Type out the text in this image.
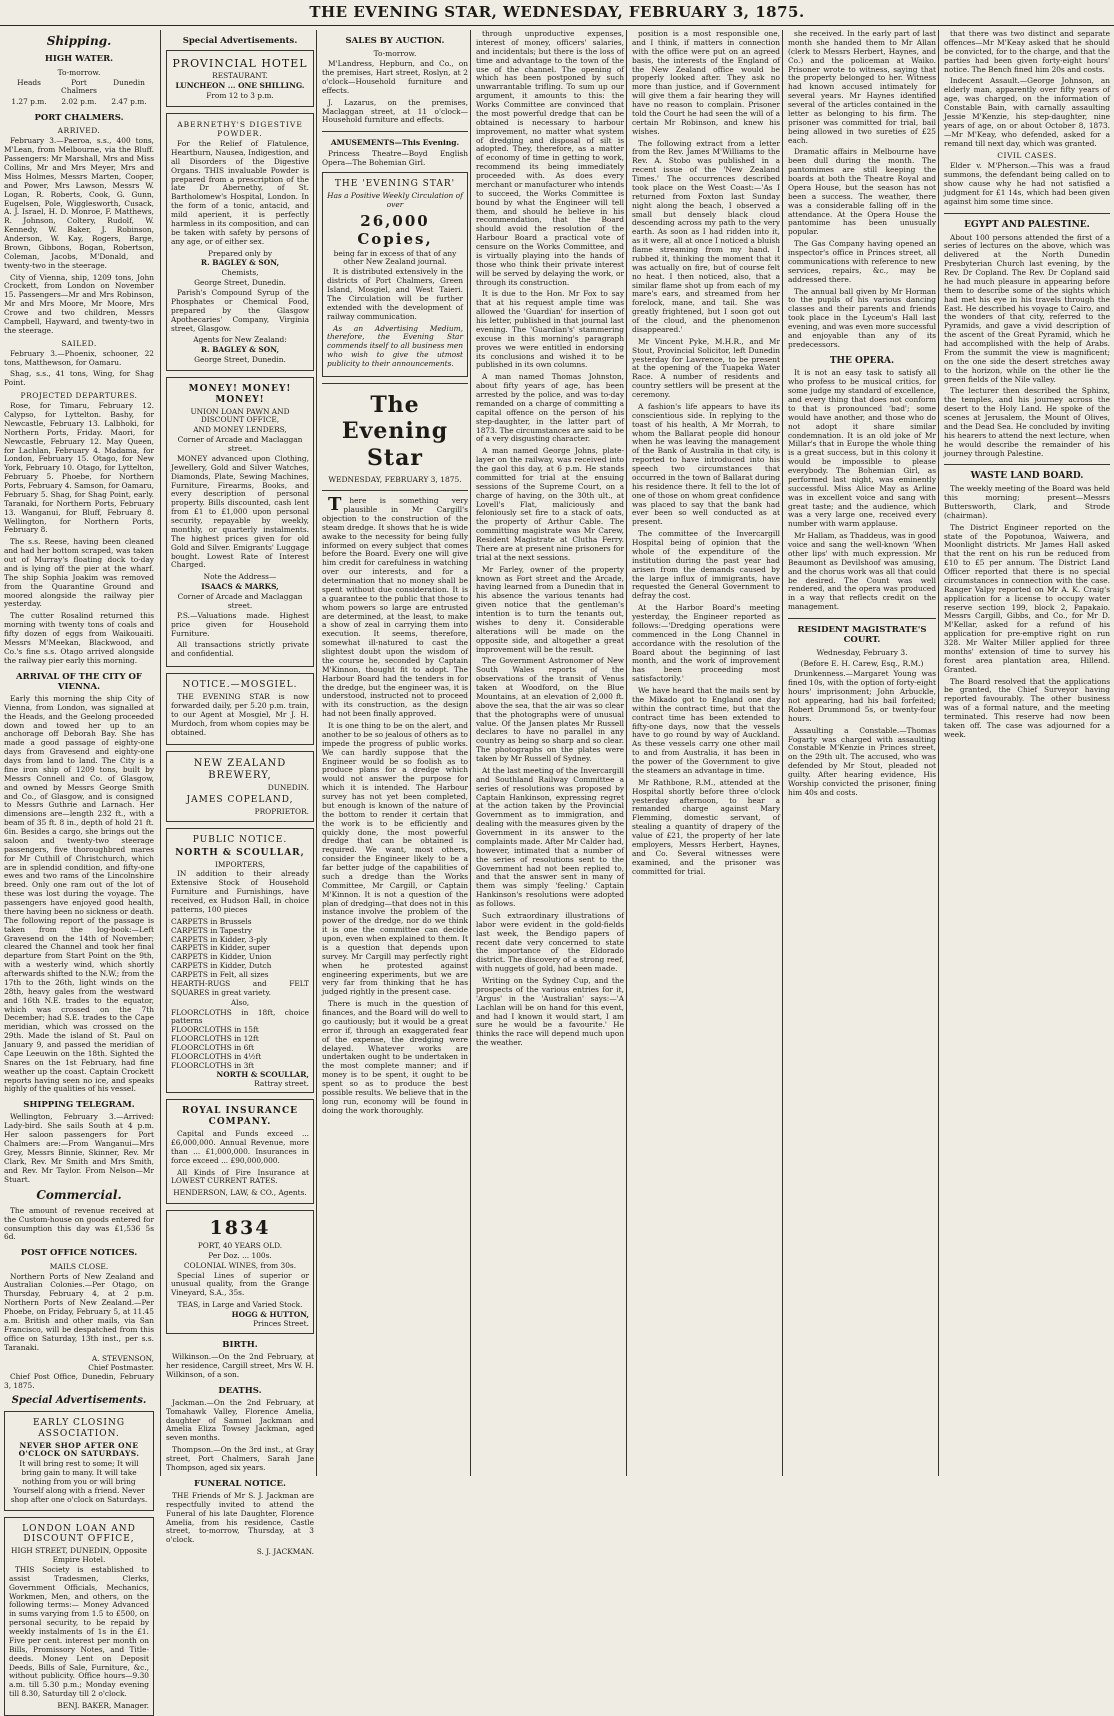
THE EVENING STAR, WEDNESDAY, FEBRUARY 3, 1875.
Shipping.
HIGH WATER.
To-morrow.
Heads	Port Chalmers
Dunedin
1.27 p.m.	2.02 p.m.	2.47 p.m.
PORT CHALMERS.
ARRIVED.

February 3.—Paeroa, s.s., 400 tons, M'Lean, from Melbourne, via the Bluff. Passengers: Mr Marshall, Mrs and Miss Collins, Mr and Mrs Meyer, Mrs and Miss Holmes, Messrs Marten, Cooper, and Power, Mrs Lawson, Messrs W. Logan, R. Roberts, Cook, G. Gunn, Eugelsen, Pole, Wigglesworth, Cusack, A. J. Israel, H. D. Monroe, F. Matthews, R. Johnson, Coltery, Rudolf, W. Kennedy, W. Baker, J. Robinson, Anderson, W. Kay, Rogers, Barge, Brown, Gibbons, Bogan, Robertson, Coleman, Jacobs, M'Donald, and twenty-two in the steerage.

City of Vienna, ship, 1209 tons, John Crockett, from London on November 15. Passengers—Mr and Mrs Robinson, Mr and Mrs Moore, Mr Moore, Mrs Crowe and two children, Messrs Campbell, Hayward, and twenty-two in the steerage.

SAILED.

February 3.—Phoenix, schooner, 22 tons, Matthewson, for Oamaru.

Shag, s.s., 41 tons, Wing, for Shag Point.

PROJECTED DEPARTURES.

Rose, for Timaru, February 12. Calypso, for Lyttelton. Bashy, for Newcastle, February 13. Lalbhoki, for Northern Ports, Friday. Maori, for Newcastle, February 12. May Queen, for Lachlan, February 4. Madama, for London, February 15. Otago, for New York, February 10. Otago, for Lyttelton, February 5. Phoebe, for Northern Ports, February 4. Samson, for Oamaru, February 5. Shag, for Shag Point, early. Taranaki, for Northern Ports, February 13. Wanganui, for Bluff, February 8. Wellington, for Northern Ports, February 8.

The s.s. Reese, having been cleaned and had her bottom scraped, was taken out of Murray's floating dock to-day and is lying off the pier at the wharf. The ship Sophia Joakim was removed from the Quarantine Ground and moored alongside the railway pier yesterday.

The cutter Rosalind returned this morning with twenty tons of coals and fifty dozen of eggs from Waikouaiti. Messrs M'Meekan, Blackwood, and Co.'s fine s.s. Otago arrived alongside the railway pier early this morning.

ARRIVAL OF THE CITY OF VIENNA.

Early this morning the ship City of Vienna, from London, was signalled at the Heads, and the Geelong proceeded down and towed her up to an anchorage off Deborah Bay. She has made a good passage of eighty-one days from Gravesend and eighty-one days from land to land. The City is a fine iron ship of 1209 tons, built by Messrs Connell and Co. of Glasgow, and owned by Messrs George Smith and Co., of Glasgow, and is consigned to Messrs Guthrie and Larnach. Her dimensions are—length 232 ft., with a beam of 35 ft. 8 in., depth of hold 21 ft. 6in. Besides a cargo, she brings out the saloon and twenty-two steerage passengers, five thoroughbred mares for Mr Cuthill of Christchurch, which are in splendid condition, and fifty-one ewes and two rams of the Lincolnshire breed. Only one ram out of the lot of these was lost during the voyage. The passengers have enjoyed good health, there having been no sickness or death. The following report of the passage is taken from the log-book:—Left Gravesend on the 14th of November; cleared the Channel and took her final departure from Start Point on the 9th, with a westerly wind, which shortly afterwards shifted to the N.W.; from the 17th to the 26th, light winds on the 28th, heavy gales from the westward and 16th N.E. trades to the equator, which was crossed on the 7th December; had S.E. trades to the Cape meridian, which was crossed on the 29th. Made the island of St. Paul on January 9, and passed the meridian of Cape Leeuwin on the 18th. Sighted the Snares on the 1st February, had fine weather up the coast. Captain Crockett reports having seen no ice, and speaks highly of the qualities of his vessel.

SHIPPING TELEGRAM.

Wellington, February 3.—Arrived: Lady-bird. She sails South at 4 p.m. Her saloon passengers for Port Chalmers are:—From Wanganui—Mrs Grey, Messrs Binnie, Skinner, Rev. Mr Clark, Rev. Mr Smith and Mrs Smith, and Rev. Mr Taylor. From Nelson—Mr Stuart.

Commercial.

The amount of revenue received at the Custom-house on goods entered for consumption this day was £1,536 5s 6d.

POST OFFICE NOTICES.
MAILS CLOSE.

Northern Ports of New Zealand and Australian Colonies.—Per Otago, on Thursday, February 4, at 2 p.m. Northern Ports of New Zealand.—Per Phoebe, on Friday, February 5, at 11.45 a.m. British and other mails, via San Francisco, will be despatched from this office on Saturday, 13th inst., per s.s. Taranaki.

A. STEVENSON,
Chief Postmaster.

Chief Post Office, Dunedin, February 3, 1875.

Special Advertisements.
EARLY CLOSING ASSOCIATION.
NEVER SHOP AFTER ONE O'CLOCK ON SATURDAYS.
It will bring rest to some; It will bring gain to many. It will take nothing from you or will bring Yourself along with a friend. Never shop after one o'clock on Saturdays.
LONDON LOAN AND DISCOUNT OFFICE,
HIGH STREET, DUNEDIN, Opposite Empire Hotel.

THIS Society is established to assist Tradesmen, Clerks, Government Officials, Mechanics, Workmen, Men, and others, on the following terms:— Money Advanced in sums varying from 1.5 to £500, on personal security, to be repaid by weekly instalments of 1s in the £1. Five per cent. interest per month on Bills, Promissory Notes, and Title-deeds. Money Lent on Deposit Deeds, Bills of Sale, Furniture, &c., without publicity. Office hours—9.30 a.m. till 5.30 p.m.; Monday evening till 8.30, Saturday till 2 o'clock.

BENJ. BAKER, Manager.
Special Advertisements.
PROVINCIAL HOTEL
RESTAURANT.
LUNCHEON ... ONE SHILLING.
From 12 to 3 p.m.
ABERNETHY'S DIGESTIVE POWDER.

For the Relief of Flatulence, Heartburn, Nausea, Indigestion, and all Disorders of the Digestive Organs. THIS invaluable Powder is prepared from a prescription of the late Dr Abernethy, of St. Bartholomew's Hospital, London. In the form of a tonic, antacid, and mild aperient, it is perfectly harmless in its composition, and can be taken with safety by persons of any age, or of either sex.

Prepared only by
R. BAGLEY & SON,
Chemists,
George Street, Dunedin.

Parish's Compound Syrup of the Phosphates or Chemical Food, prepared by the Glasgow Apothecaries' Company, Virginia street, Glasgow.

Agents for New Zealand:
R. BAGLEY & SON,
George Street, Dunedin.
MONEY! MONEY! MONEY!
UNION LOAN PAWN AND DISCOUNT OFFICE,
AND MONEY LENDERS,
Corner of Arcade and Maclaggan street.

MONEY advanced upon Clothing, Jewellery, Gold and Silver Watches, Diamonds, Plate, Sewing Machines, Furniture, Firearms, Books, and every description of personal property. Bills discounted, cash lent from £1 to £1,000 upon personal security, repayable by weekly, monthly, or quarterly instalments. The highest prices given for old Gold and Silver. Emigrants' Luggage bought. Lowest Rate of Interest Charged.

Note the Address—
ISAACS & MARKS,
Corner of Arcade and Maclaggan street.

P.S.—Valuations made. Highest price given for Household Furniture.

All transactions strictly private and confidential.

NOTICE.—MOSGIEL.

THE EVENING STAR is now forwarded daily, per 5.20 p.m. train, to our Agent at Mosgiel, Mr J. H. Murdoch, from whom copies may be obtained.

NEW ZEALAND BREWERY,
DUNEDIN.
JAMES COPELAND,
PROPRIETOR.
PUBLIC NOTICE.
NORTH & SCOULLAR,
IMPORTERS,

IN addition to their already Extensive Stock of Household Furniture and Furnishings, have received, ex Hudson Hall, in choice patterns, 100 pieces

CARPETS in Brussels
CARPETS in Tapestry
CARPETS in Kidder, 3-ply
CARPETS in Kidder, super
CARPETS in Kidder, Union
CARPETS in Kidder, Dutch
CARPETS in Felt, all sizes
HEARTH-RUGS and FELT SQUARES in great variety.
Also,
FLOORCLOTHS in 18ft, choice patterns
FLOORCLOTHS in 15ft
FLOORCLOTHS in 12ft
FLOORCLOTHS in 6ft
FLOORCLOTHS in 4½ft
FLOORCLOTHS in 3ft
NORTH & SCOULLAR,
Rattray street.
ROYAL INSURANCE COMPANY.

Capital and Funds exceed ... £6,000,000. Annual Revenue, more than ... £1,000,000. Insurances in force exceed ... £90,000,000.

All Kinds of Fire Insurance at LOWEST CURRENT RATES.

HENDERSON, LAW, & CO., Agents.
1834
PORT, 40 YEARS OLD.
Per Doz. ... 100s.
COLONIAL WINES, from 30s.

Special Lines of superior or unusual quality, from the Grange Vineyard, S.A., 35s.

TEAS, in Large and Varied Stock.
HOGG & HUTTON,
Princes Street.
BIRTH.

Wilkinson.—On the 2nd February, at her residence, Cargill street, Mrs W. H. Wilkinson, of a son.

DEATHS.

Jackman.—On the 2nd February, at Tomahawk Valley, Florence Amelia, daughter of Samuel Jackman and Amelia Eliza Towsey Jackman, aged seven months.

Thompson.—On the 3rd inst., at Gray street, Port Chalmers, Sarah Jane Thompson, aged six years.

FUNERAL NOTICE.

THE Friends of Mr S. J. Jackman are respectfully invited to attend the Funeral of his late Daughter, Florence Amelia, from his residence, Castle street, to-morrow, Thursday, at 3 o'clock.

S. J. JACKMAN.
SALES BY AUCTION.
To-morrow.

M'Landress, Hepburn, and Co., on the premises, Hart street, Roslyn, at 2 o'clock—Household furniture and effects.

J. Lazarus, on the premises, Maclaggan street, at 11 o'clock—Household furniture and effects.

AMUSEMENTS—This Evening.

Princess Theatre—Boyd English Opera—The Bohemian Girl.

THE 'EVENING STAR'
Has a Positive Weekly Circulation of over
26,000 Copies,
being far in excess of that of any other New Zealand journal.

It is distributed extensively in the districts of Port Chalmers, Green Island, Mosgiel, and West Taieri. The Circulation will be further extended with the development of railway communication.

As an Advertising Medium, therefore, the Evening Star commends itself to all business men who wish to give the utmost publicity to their announcements.

The Evening Star
WEDNESDAY, FEBRUARY 3, 1875.

There is something very plausible in Mr Cargill's objection to the construction of the steam dredge. It shows that he is wide awake to the necessity for being fully informed on every subject that comes before the Board. Every one will give him credit for carefulness in watching over our interests, and for a determination that no money shall be spent without due consideration. It is a guarantee to the public that those to whom powers so large are entrusted are determined, at the least, to make a show of zeal in carrying them into execution. It seems, therefore, somewhat ill-natured to cast the slightest doubt upon the wisdom of the course he, seconded by Captain M'Kinnon, thought fit to adopt. The Harbour Board had the tenders in for the dredge, but the engineer was, it is understood, instructed not to proceed with its construction, as the design had not been finally approved.

It is one thing to be on the alert, and another to be so jealous of others as to impede the progress of public works. We can hardly suppose that the Engineer would be so foolish as to produce plans for a dredge which would not answer the purpose for which it is intended. The Harbour survey has not yet been completed, but enough is known of the nature of the bottom to render it certain that the work is to be efficiently and quickly done, the most powerful dredge that can be obtained is required. We want, most others, consider the Engineer likely to be a far better judge of the capabilities of such a dredge than the Works Committee, Mr Cargill, or Captain M'Kinnon. It is not a question of the plan of dredging—that does not in this instance involve the problem of the power of the dredge, nor do we think it is one the committee can decide upon, even when explained to them. It is a question that depends upon survey. Mr Cargill may perfectly right when he protested against engineering experiments, but we are very far from thinking that he has judged rightly in the present case.

There is much in the question of finances, and the Board will do well to go cautiously; but it would be a great error if, through an exaggerated fear of the expense, the dredging were delayed. Whatever works are undertaken ought to be undertaken in the most complete manner; and if money is to be spent, it ought to be spent so as to produce the best possible results. We believe that in the long run, economy will be found in doing the work thoroughly.

through unproductive expenses, interest of money, officers' salaries, and incidentals; but there is the loss of time and advantage to the town of the use of the channel. The opening of which has been postponed by such unwarrantable trifling. To sum up our argument, it amounts to this: the Works Committee are convinced that the most powerful dredge that can be obtained is necessary to harbour improvement, no matter what system of dredging and disposal of silt is adopted. They, therefore, as a matter of economy of time in getting to work, recommend its being immediately proceeded with. As does every merchant or manufacturer who intends to succeed, the Works Committee is bound by what the Engineer will tell them, and should he believe in his recommendation, that the Board should avoid the resolution of the Harbour Board a practical vote of censure on the Works Committee, and is virtually playing into the hands of those who think their private interest will be served by delaying the work, or through its construction.

It is due to the Hon. Mr Fox to say that at his request ample time was allowed the 'Guardian' for insertion of his letter, published in that journal last evening. The 'Guardian's' stammering excuse in this morning's paragraph proves we were entitled in endorsing its conclusions and wished it to be published in its own columns.

A man named Thomas Johnston, about fifty years of age, has been arrested by the police, and was to-day remanded on a charge of committing a capital offence on the person of his step-daughter, in the latter part of 1873. The circumstances are said to be of a very disgusting character.

A man named George Johns, plate-layer on the railway, was received into the gaol this day, at 6 p.m. He stands committed for trial at the ensuing sessions of the Supreme Court, on a charge of having, on the 30th ult., at Lovell's Flat, maliciously and feloniously set fire to a stack of oats, the property of Arthur Cable. The committing magistrate was Mr Carew, Resident Magistrate at Clutha Ferry. There are at present nine prisoners for trial at the next sessions.

Mr Farley, owner of the property known as Fort street and the Arcade, having learned from a Dunedin that in his absence the various tenants had given notice that the gentleman's intention is to turn the tenants out, wishes to deny it. Considerable alterations will be made on the opposite side, and altogether a great improvement will be the result.

The Government Astronomer of New South Wales reports of the observations of the transit of Venus taken at Woodford, on the Blue Mountains, at an elevation of 2,000 ft. above the sea, that the air was so clear that the photographs were of unusual value. Of the Jansen plates Mr Russell declares to have no parallel in any country as being so sharp and so clear. The photographs on the plates were taken by Mr Russell of Sydney.

At the last meeting of the Invercargill and Southland Railway Committee a series of resolutions was proposed by Captain Hankinson, expressing regret at the action taken by the Provincial Government as to immigration, and dealing with the measures given by the Government in its answer to the complaints made. After Mr Calder had, however, intimated that a number of the series of resolutions sent to the Government had not been replied to, and that the answer sent in many of them was simply 'feeling.' Captain Hankinson's resolutions were adopted as follows.

Such extraordinary illustrations of labor were evident in the gold-fields last week, the Bendigo papers of recent date very concerned to state the importance of the Eldorado district. The discovery of a strong reef, with nuggets of gold, had been made.

Writing on the Sydney Cup, and the prospects of the various entries for it, 'Argus' in the 'Australian' says:—'A Lachlan will be on hand for this event, and had I known it would start, I am sure he would be a favourite.' He thinks the race will depend much upon the weather.

position is a most responsible one, and I think, if matters in connection with the office were put on an agreed basis, the interests of the England of the New Zealand office would be properly looked after. They ask no more than justice, and if Government will give them a fair hearing they will have no reason to complain. Prisoner told the Court he had seen the will of a certain Mr Robinson, and knew his wishes.

The following extract from a letter from the Rev. James M'Williams to the Rev. A. Stobo was published in a recent issue of the 'New Zealand Times.' The occurrences described took place on the West Coast:—'As I returned from Foxton last Sunday night along the beach, I observed a small but densely black cloud descending across my path to the very earth. As soon as I had ridden into it, as it were, all at once I noticed a bluish flame streaming from my hand. I rubbed it, thinking the moment that it was actually on fire, but of course felt no heat. I then noticed, also, that a similar flame shot up from each of my mare's ears, and streamed from her forelock, mane, and tail. She was greatly frightened, but I soon got out of the cloud, and the phenomenon disappeared.'

Mr Vincent Pyke, M.H.R., and Mr Stout, Provincial Solicitor, left Dunedin yesterday for Lawrence, to be present at the opening of the Tuapeka Water Race. A number of residents and country settlers will be present at the ceremony.

A fashion's life appears to have its conscientious side. In replying to the toast of his health, A Mr Morrah, to whom the Ballarat people did honour when he was leaving the management of the Bank of Australia in that city, is reported to have introduced into his speech two circumstances that occurred in the town of Ballarat during his residence there. It fell to the lot of one of those on whom great confidence was placed to say that the bank had ever been so well conducted as at present.

The committee of the Invercargill Hospital being of opinion that the whole of the expenditure of the institution during the past year had arisen from the demands caused by the large influx of immigrants, have requested the General Government to defray the cost.

At the Harbor Board's meeting yesterday, the Engineer reported as follows:—'Dredging operations were commenced in the Long Channel in accordance with the resolution of the Board about the beginning of last month, and the work of improvement has been proceeding most satisfactorily.'

We have heard that the mails sent by the Mikado got to England one day within the contract time, but that the contract time has been extended to fifty-one days, now that the vessels have to go round by way of Auckland. As these vessels carry one other mail to and from Australia, it has been in the power of the Government to give the steamers an advantage in time.

Mr Rathbone, R.M., attended at the Hospital shortly before three o'clock yesterday afternoon, to hear a remanded charge against Mary Flemming, domestic servant, of stealing a quantity of drapery of the value of £21, the property of her late employers, Messrs Herbert, Haynes, and Co. Several witnesses were examined, and the prisoner was committed for trial.

she received. In the early part of last month she handed them to Mr Allan (clerk to Messrs Herbert, Haynes, and Co.) and the policeman at Waiko. Prisoner wrote to witness, saying that the property belonged to her. Witness had known accused intimately for several years. Mr Haynes identified several of the articles contained in the letter as belonging to his firm. The prisoner was committed for trial, bail being allowed in two sureties of £25 each.

Dramatic affairs in Melbourne have been dull during the month. The pantomimes are still keeping the boards at both the Theatre Royal and Opera House, but the season has not been a success. The weather, there was a considerable falling off in the attendance. At the Opera House the pantomime has been unusually popular.

The Gas Company having opened an inspector's office in Princes street, all communications with reference to new services, repairs, &c., may be addressed there.

The annual ball given by Mr Horman to the pupils of his various dancing classes and their parents and friends took place in the Lyceum's Hall last evening, and was even more successful and enjoyable than any of its predecessors.

THE OPERA.

It is not an easy task to satisfy all who profess to be musical critics, for some judge my standard of excellence, and every thing that does not conform to that is pronounced 'bad'; some would have another, and those who do not adopt it share similar condemnation. It is an old joke of Mr Millar's that in Europe the whole thing is a great success, but in this colony it would be impossible to please everybody. The Bohemian Girl, as performed last night, was eminently successful. Miss Alice May as Arline was in excellent voice and sang with great taste; and the audience, which was a very large one, received every number with warm applause.

Mr Hallam, as Thaddeus, was in good voice and sang the well-known 'When other lips' with much expression. Mr Beaumont as Devilshoof was amusing, and the chorus work was all that could be desired. The Count was well rendered, and the opera was produced in a way that reflects credit on the management.

RESIDENT MAGISTRATE'S COURT.
Wednesday, February 3.
(Before E. H. Carew, Esq., R.M.)

Drunkenness.—Margaret Young was fined 10s, with the option of forty-eight hours' imprisonment; John Arbuckle, not appearing, had his bail forfeited; Robert Drummond 5s, or twenty-four hours.

Assaulting a Constable.—Thomas Fogarty was charged with assaulting Constable M'Kenzie in Princes street, on the 29th ult. The accused, who was defended by Mr Stout, pleaded not guilty. After hearing evidence, His Worship convicted the prisoner, fining him 40s and costs.

that there was two distinct and separate offences—Mr M'Keay asked that he should be convicted, for to the charge, and that the parties had been given forty-eight hours' notice. The Bench fined him 20s and costs.

Indecent Assault.—George Johnson, an elderly man, apparently over fifty years of age, was charged, on the information of Constable Bain, with carnally assaulting Jessie M'Kenzie, his step-daughter, nine years of age, on or about October 8, 1873.—Mr M'Keay, who defended, asked for a remand till next day, which was granted.

CIVIL CASES.

Elder v. M'Pherson.—This was a fraud summons, the defendant being called on to show cause why he had not satisfied a judgment for £1 14s, which had been given against him some time since.

EGYPT AND PALESTINE.

About 100 persons attended the first of a series of lectures on the above, which was delivered at the North Dunedin Presbyterian Church last evening, by the Rev. Dr Copland. The Rev. Dr Copland said he had much pleasure in appearing before them to describe some of the sights which had met his eye in his travels through the East. He described his voyage to Cairo, and the wonders of that city, referred to the Pyramids, and gave a vivid description of the ascent of the Great Pyramid, which he had accomplished with the help of Arabs. From the summit the view is magnificent; on the one side the desert stretches away to the horizon, while on the other lie the green fields of the Nile valley.

The lecturer then described the Sphinx, the temples, and his journey across the desert to the Holy Land. He spoke of the scenes at Jerusalem, the Mount of Olives, and the Dead Sea. He concluded by inviting his hearers to attend the next lecture, when he would describe the remainder of his journey through Palestine.

WASTE LAND BOARD.

The weekly meeting of the Board was held this morning; present—Messrs Buttersworth, Clark, and Strode (chairman).

The District Engineer reported on the state of the Popotunoa, Waiwera, and Moonlight districts. Mr James Hall asked that the rent on his run be reduced from £10 to £5 per annum. The District Land Officer reported that there is no special circumstances in connection with the case. Ranger Valpy reported on Mr A. K. Craig's application for a license to occupy water reserve section 199, block 2, Papakaio. Messrs Cargill, Gibbs, and Co., for Mr D. M'Kellar, asked for a refund of his application for pre-emptive right on run 328. Mr Walter Miller applied for three months' extension of time to survey his forest area plantation area, Hillend. Granted.

The Board resolved that the applications be granted, the Chief Surveyor having reported favourably. The other business was of a formal nature, and the meeting terminated. This reserve had now been taken off. The case was adjourned for a week.
